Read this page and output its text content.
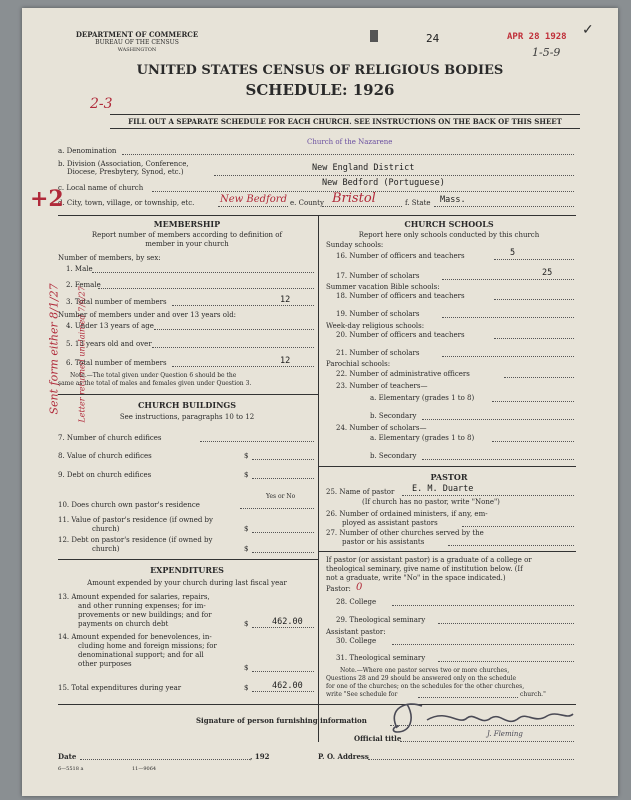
DEPARTMENT OF COMMERCE
BUREAU OF THE CENSUS
WASHINGTON
24	APR 28 1928 ✓
1-5-9
UNITED STATES CENSUS OF RELIGIOUS BODIES
SCHEDULE: 1926
2-3
FILL OUT A SEPARATE SCHEDULE FOR EACH CHURCH. SEE INSTRUCTIONS ON THE BACK OF THIS SHEET
a. Denomination
Church of the Nazarene
b. Division (Association, Conference,
Diocese, Presbytery, Synod, etc.)	New England District
c. Local name of church	New Bedford (Portuguese)
d. City, town, village, or township, etc.	New Bedford e. County Bristol	f. State Mass.
+2
Sent form either 8/1/27 Letter returned unclaimed 7/6/27
MEMBERSHIP
Report number of members according to definition of
member in your church
Number of members, by sex:
1. Male
2. Female
3. Total number of members	12
Number of members under and over 13 years old:
4. Under 13 years of age
5. 13 years old and over
6. Total number of members	12
Note.—The total given under Question 6 should be the
same as the total of males and females given under Question 3.
CHURCH BUILDINGS
See instructions, paragraphs 10 to 12
7. Number of church edifices
8. Value of church edifices	$
9. Debt on church edifices	$
Yes or No
10. Does church own pastor's residence
11. Value of pastor's residence (if owned by
church)	$
12. Debt on pastor's residence (if owned by
church)	$
EXPENDITURES
Amount expended by your church during last fiscal year
13. Amount expended for salaries, repairs,
and other running expenses; for im-
provements or new buildings; and for
payments on church debt	$	462.00
14. Amount expended for benevolences, in-
cluding home and foreign missions; for
denominational support; and for all
other purposes	$
15. Total expenditures during year	$	462.00
CHURCH SCHOOLS
Report here only schools conducted by this church
Sunday schools:
16. Number of officers and teachers	5
17. Number of scholars	25
Summer vacation Bible schools:
18. Number of officers and teachers
19. Number of scholars
Week-day religious schools:
20. Number of officers and teachers
21. Number of scholars
Parochial schools:
22. Number of administrative officers
23. Number of teachers—
a. Elementary (grades 1 to 8)
b. Secondary
24. Number of scholars—
a. Elementary (grades 1 to 8)
b. Secondary
PASTOR
25. Name of pastor E. M. Duarte
(If church has no pastor, write "None")
26. Number of ordained ministers, if any, em-
ployed as assistant pastors
27. Number of other churches served by the
pastor or his assistants
If pastor (or assistant pastor) is a graduate of a college or
theological seminary, give name of institution below. (If
not a graduate, write "No" in the space indicated.)
Pastor: 0
28. College
29. Theological seminary
Assistant pastor:
30. College
31. Theological seminary
Note.—Where one pastor serves two or more churches,
Questions 28 and 29 should be answered only on the schedule
for one of the churches; on the schedules for the other churches,
write "See schedule for	church."
Signature of person furnishing information
J. Fleming
Official title
Date	, 192	P. O. Address
6—5518 a	11—9064
